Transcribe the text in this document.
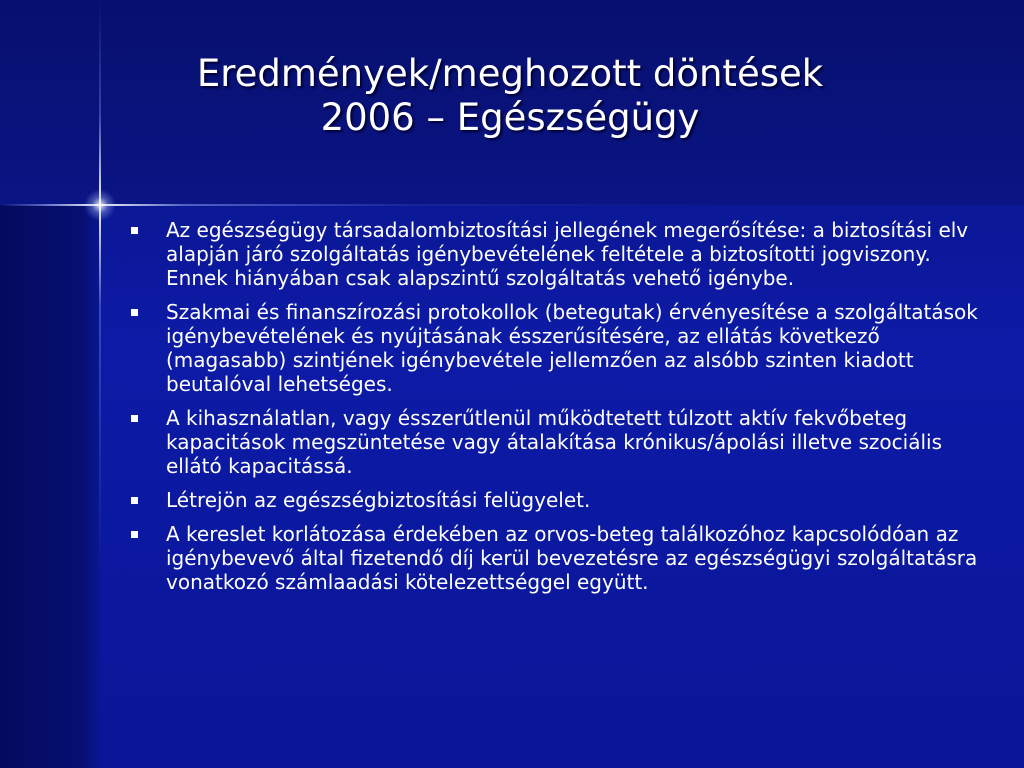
Eredmények/meghozott döntések
2006 – Egészségügy
Az egészségügy társadalombiztosítási jellegének megerősítése: a biztosítási elv alapján járó szolgáltatás igénybevételének feltétele a biztosítotti jogviszony. Ennek hiányában csak alapszintű szolgáltatás vehető igénybe.
Szakmai és finanszírozási protokollok (betegutak) érvényesítése a szolgáltatások igénybevételének és nyújtásának ésszerűsítésére, az ellátás következő (magasabb) szintjének igénybevétele jellemzően az alsóbb szinten kiadott beutalóval lehetséges.
A kihasználatlan, vagy ésszerűtlenül működtetett túlzott aktív fekvőbeteg kapacitások megszüntetése vagy átalakítása krónikus/ápolási illetve szociális ellátó kapacitássá.
Létrejön az egészségbiztosítási felügyelet.
A kereslet korlátozása érdekében az orvos-beteg találkozóhoz kapcsolódóan az igénybevevő által fizetendő díj kerül bevezetésre az egészségügyi szolgáltatásra vonatkozó számlaadási kötelezettséggel együtt.
